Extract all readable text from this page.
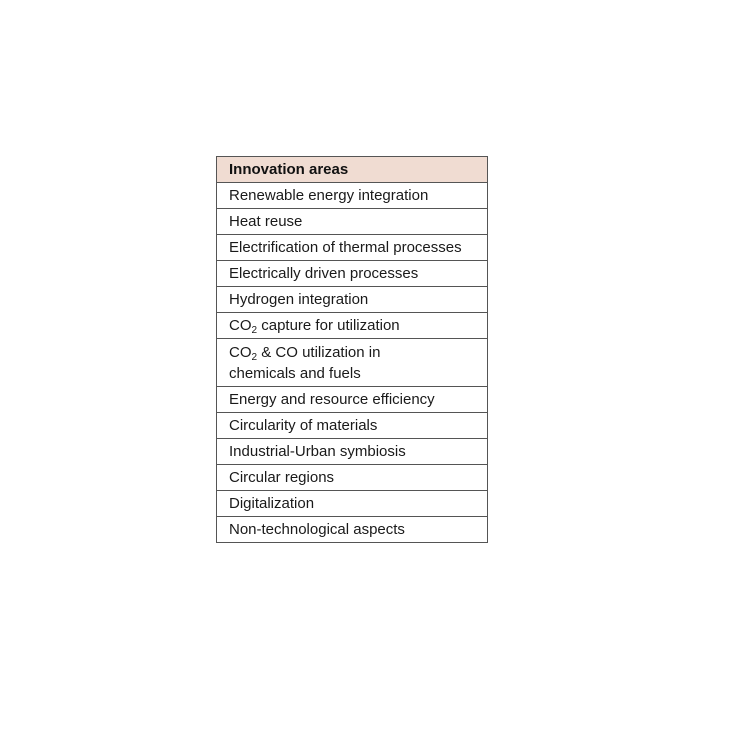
Innovation areas
Renewable energy integration
Heat reuse
Electrification of thermal processes
Electrically driven processes
Hydrogen integration
$CO_2$ capture for utilization
$CO_2$ & CO utilization in
chemicals and fuels
Energy and resource efficiency
Circularity of materials
Industrial-Urban symbiosis
Circular regions
Digitalization
Non-technological aspects
